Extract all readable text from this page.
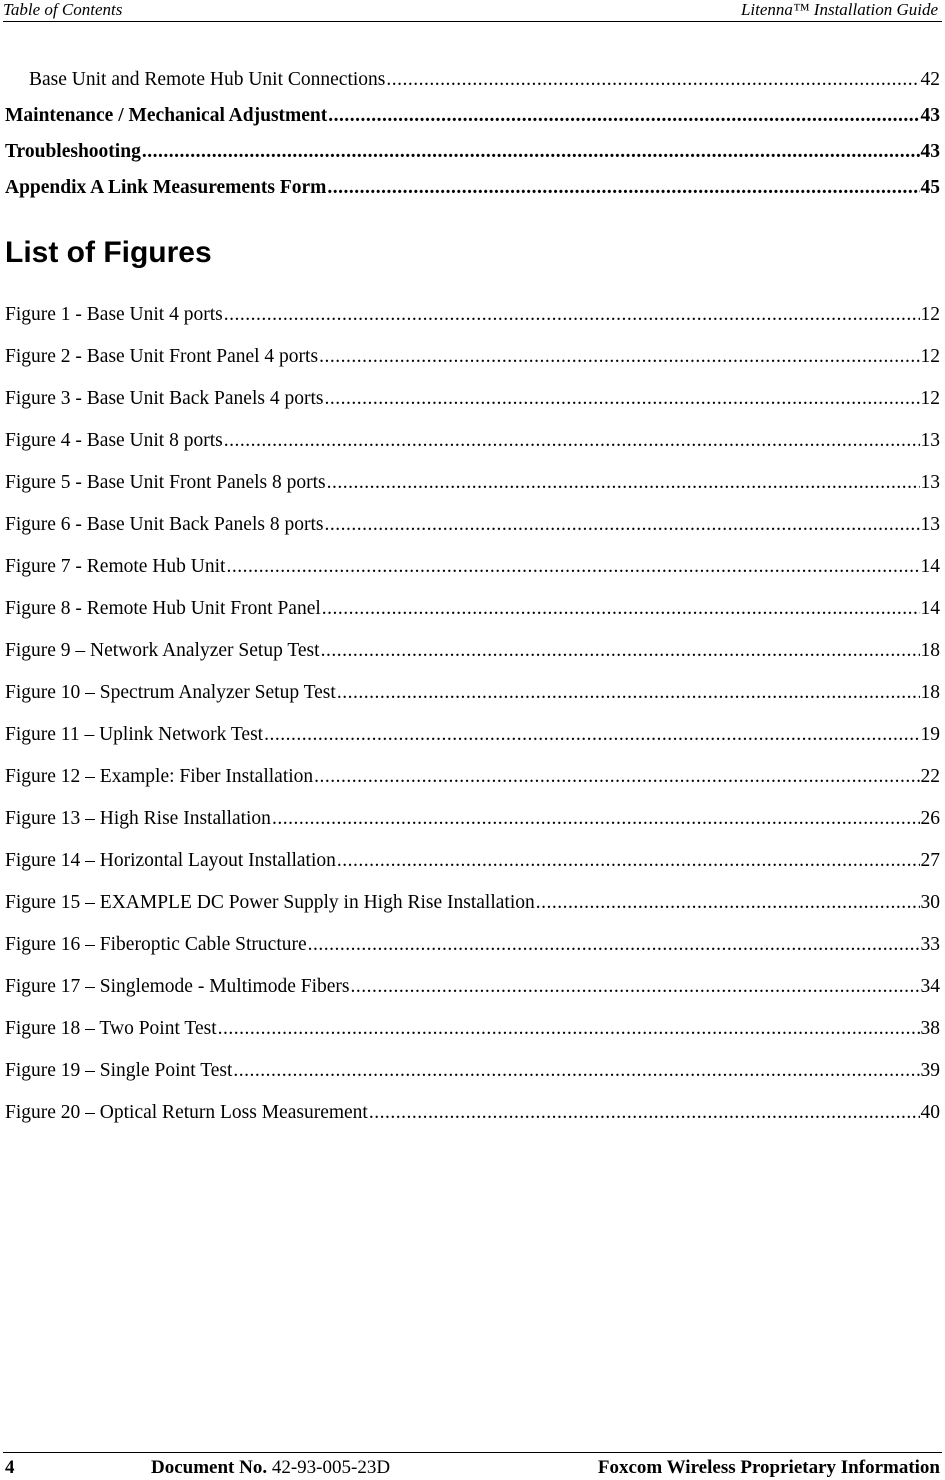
Table of Contents	Litenna™ Installation Guide
Base Unit and Remote Hub Unit Connections .....	42
Maintenance / Mechanical Adjustment .....	43
Troubleshooting .....	43
Appendix A Link Measurements Form .....	45
List of Figures
Figure 1 - Base Unit 4 ports .....	12
Figure 2 - Base Unit Front Panel 4 ports .....	12
Figure 3 - Base Unit Back Panels 4 ports .....	12
Figure 4 - Base Unit 8 ports .....	13
Figure 5 - Base Unit Front Panels 8 ports .....	13
Figure 6 - Base Unit Back Panels 8 ports .....	13
Figure 7 - Remote Hub Unit .....	14
Figure 8 - Remote Hub Unit Front Panel .....	14
Figure 9 – Network Analyzer Setup Test .....	18
Figure 10 – Spectrum Analyzer Setup Test .....	18
Figure 11 – Uplink Network Test .....	19
Figure 12 – Example: Fiber Installation .....	22
Figure 13 – High Rise Installation .....	26
Figure 14 – Horizontal Layout Installation .....	27
Figure 15 – EXAMPLE DC Power Supply in High Rise Installation .....	30
Figure 16 – Fiberoptic Cable Structure .....	33
Figure 17 – Singlemode - Multimode Fibers .....	34
Figure 18 – Two Point Test .....	38
Figure 19 – Single Point Test .....	39
Figure 20 – Optical Return Loss Measurement .....	40
4	Document No. 42-93-005-23D	Foxcom Wireless Proprietary Information
